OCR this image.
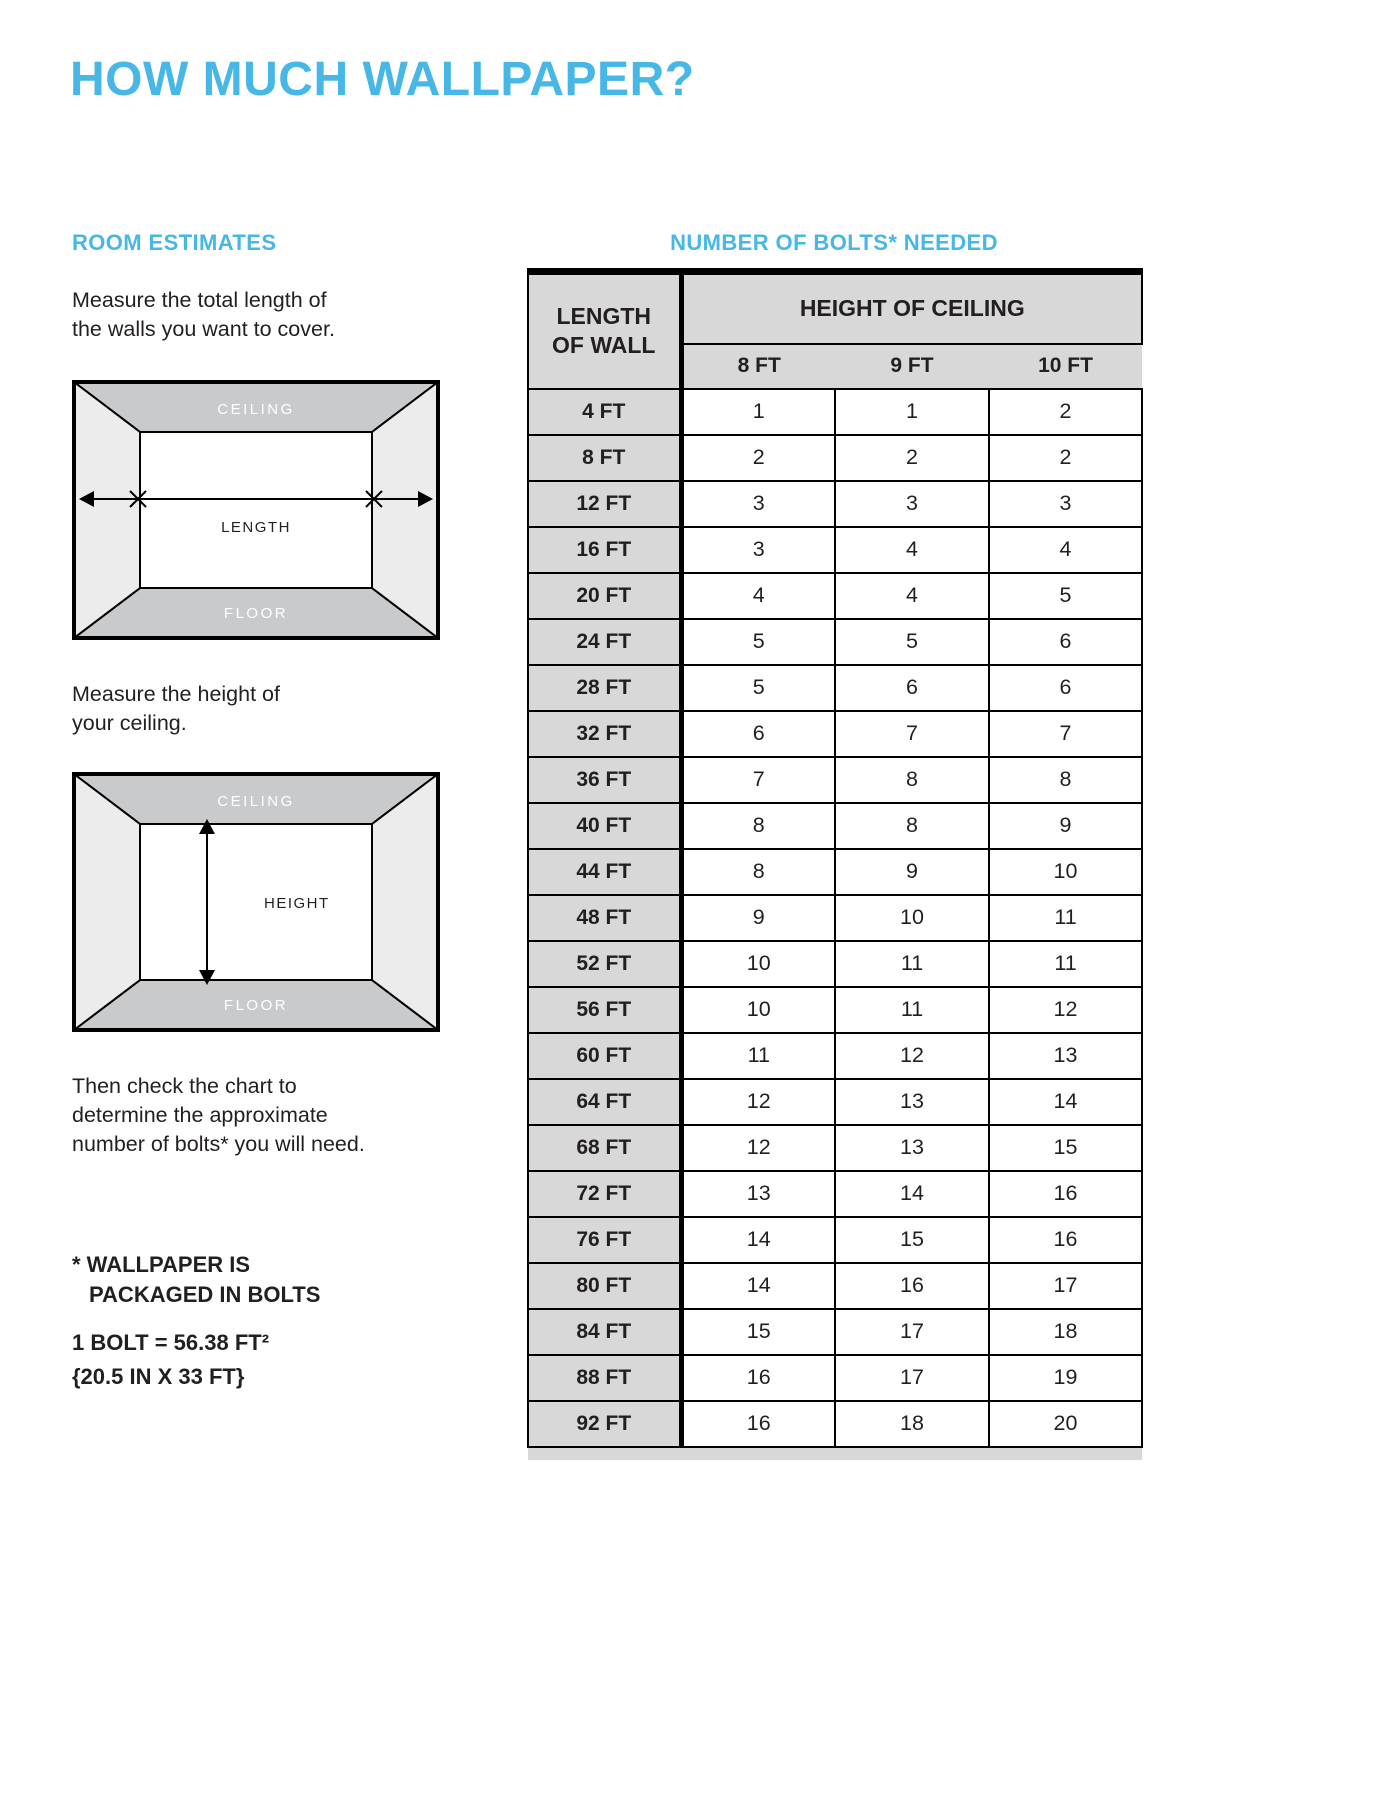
HOW MUCH WALLPAPER?
ROOM ESTIMATES
Measure the total length of
the walls you want to cover.
CEILING
FLOOR
LENGTH
Measure the height of
your ceiling.
CEILING
FLOOR
HEIGHT
Then check the chart to
determine the approximate
number of bolts* you will need.
* WALLPAPER IS
PACKAGED IN BOLTS
1 BOLT = 56.38 FT²
{20.5 IN X 33 FT}
NUMBER OF BOLTS* NEEDED
LENGTH OF WALL	HEIGHT OF CEILING		
	8 FT	9 FT	10 FT
4 FT	1	1	2
8 FT	2	2	2
12 FT	3	3	3
16 FT	3	4	4
20 FT	4	4	5
24 FT	5	5	6
28 FT	5	6	6
32 FT	6	7	7
36 FT	7	8	8
40 FT	8	8	9
44 FT	8	9	10
48 FT	9	10	11
52 FT	10	11	11
56 FT	10	11	12
60 FT	11	12	13
64 FT	12	13	14
68 FT	12	13	15
72 FT	13	14	16
76 FT	14	15	16
80 FT	14	16	17
84 FT	15	17	18
88 FT	16	17	19
92 FT	16	18	20
